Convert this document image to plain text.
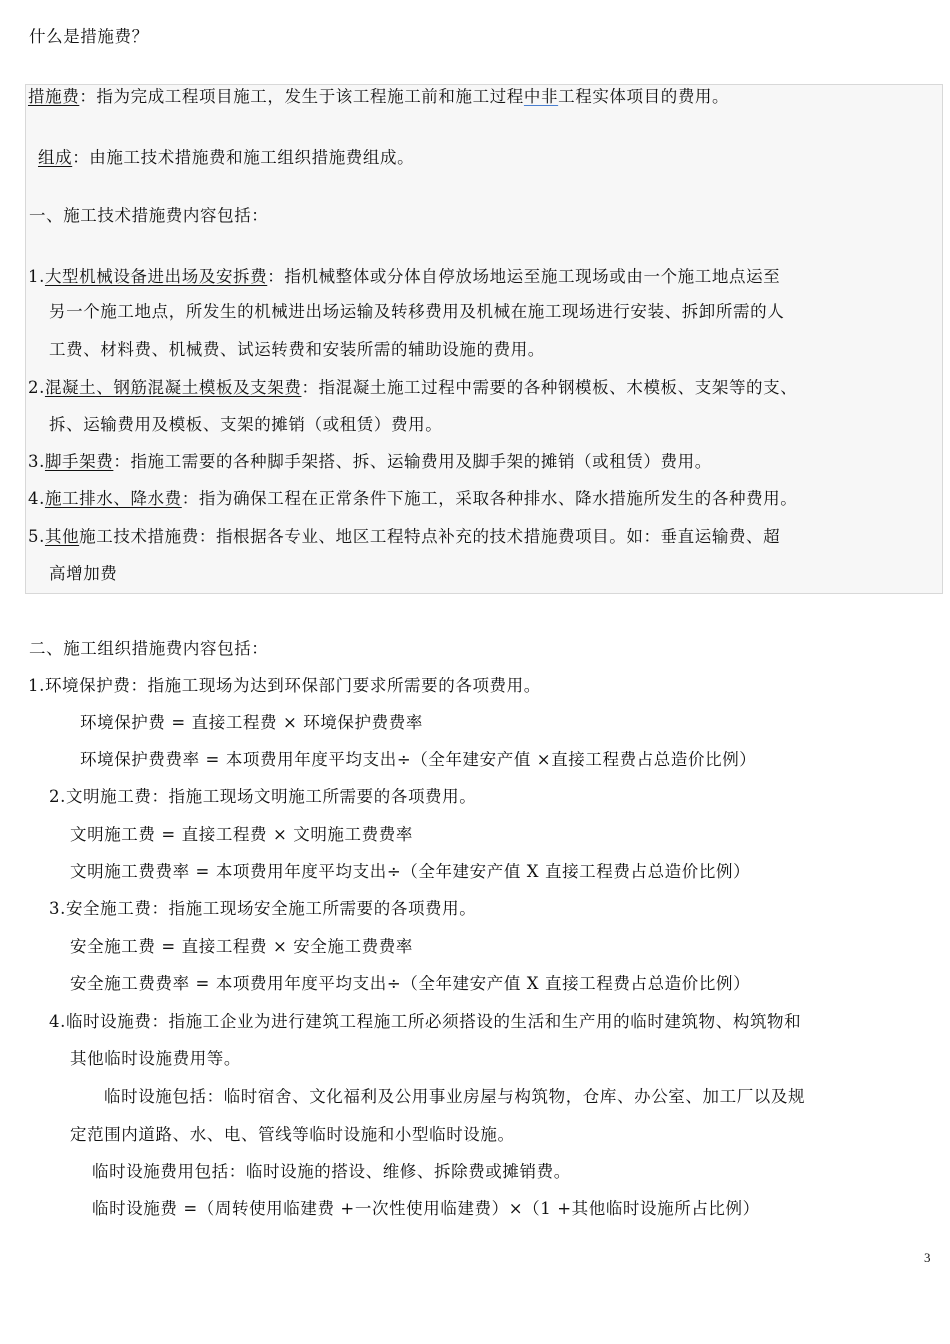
什么是措施费？
措施费：指为完成工程项目施工，发生于该工程施工前和施工过程中非工程实体项目的费用。
组成：由施工技术措施费和施工组织措施费组成。
一、施工技术措施费内容包括：
1.大型机械设备进出场及安拆费：指机械整体或分体自停放场地运至施工现场或由一个施工地点运至
另一个施工地点，所发生的机械进出场运输及转移费用及机械在施工现场进行安装、拆卸所需的人
工费、材料费、机械费、试运转费和安装所需的辅助设施的费用。
2.混凝土、钢筋混凝土模板及支架费：指混凝土施工过程中需要的各种钢模板、木模板、支架等的支、
拆、运输费用及模板、支架的摊销（或租赁）费用。
3.脚手架费：指施工需要的各种脚手架搭、拆、运输费用及脚手架的摊销（或租赁）费用。
4.施工排水、降水费：指为确保工程在正常条件下施工，采取各种排水、降水措施所发生的各种费用。
5.其他施工技术措施费：指根据各专业、地区工程特点补充的技术措施费项目。如：垂直运输费、超
高增加费
二、施工组织措施费内容包括：
1.环境保护费：指施工现场为达到环保部门要求所需要的各项费用。
环境保护费 = 直接工程费 × 环境保护费费率
环境保护费费率 = 本项费用年度平均支出÷（全年建安产值 ×直接工程费占总造价比例）
2.文明施工费：指施工现场文明施工所需要的各项费用。
文明施工费 = 直接工程费 × 文明施工费费率
文明施工费费率 = 本项费用年度平均支出÷（全年建安产值 X 直接工程费占总造价比例）
3.安全施工费：指施工现场安全施工所需要的各项费用。
安全施工费 = 直接工程费 × 安全施工费费率
安全施工费费率 = 本项费用年度平均支出÷（全年建安产值 X 直接工程费占总造价比例）
4.临时设施费：指施工企业为进行建筑工程施工所必须搭设的生活和生产用的临时建筑物、构筑物和
其他临时设施费用等。
临时设施包括：临时宿舍、文化福利及公用事业房屋与构筑物，仓库、办公室、加工厂以及规
定范围内道路、水、电、管线等临时设施和小型临时设施。
临时设施费用包括：临时设施的搭设、维修、拆除费或摊销费。
临时设施费 =（周转使用临建费 +一次性使用临建费）×（1 +其他临时设施所占比例）
3
